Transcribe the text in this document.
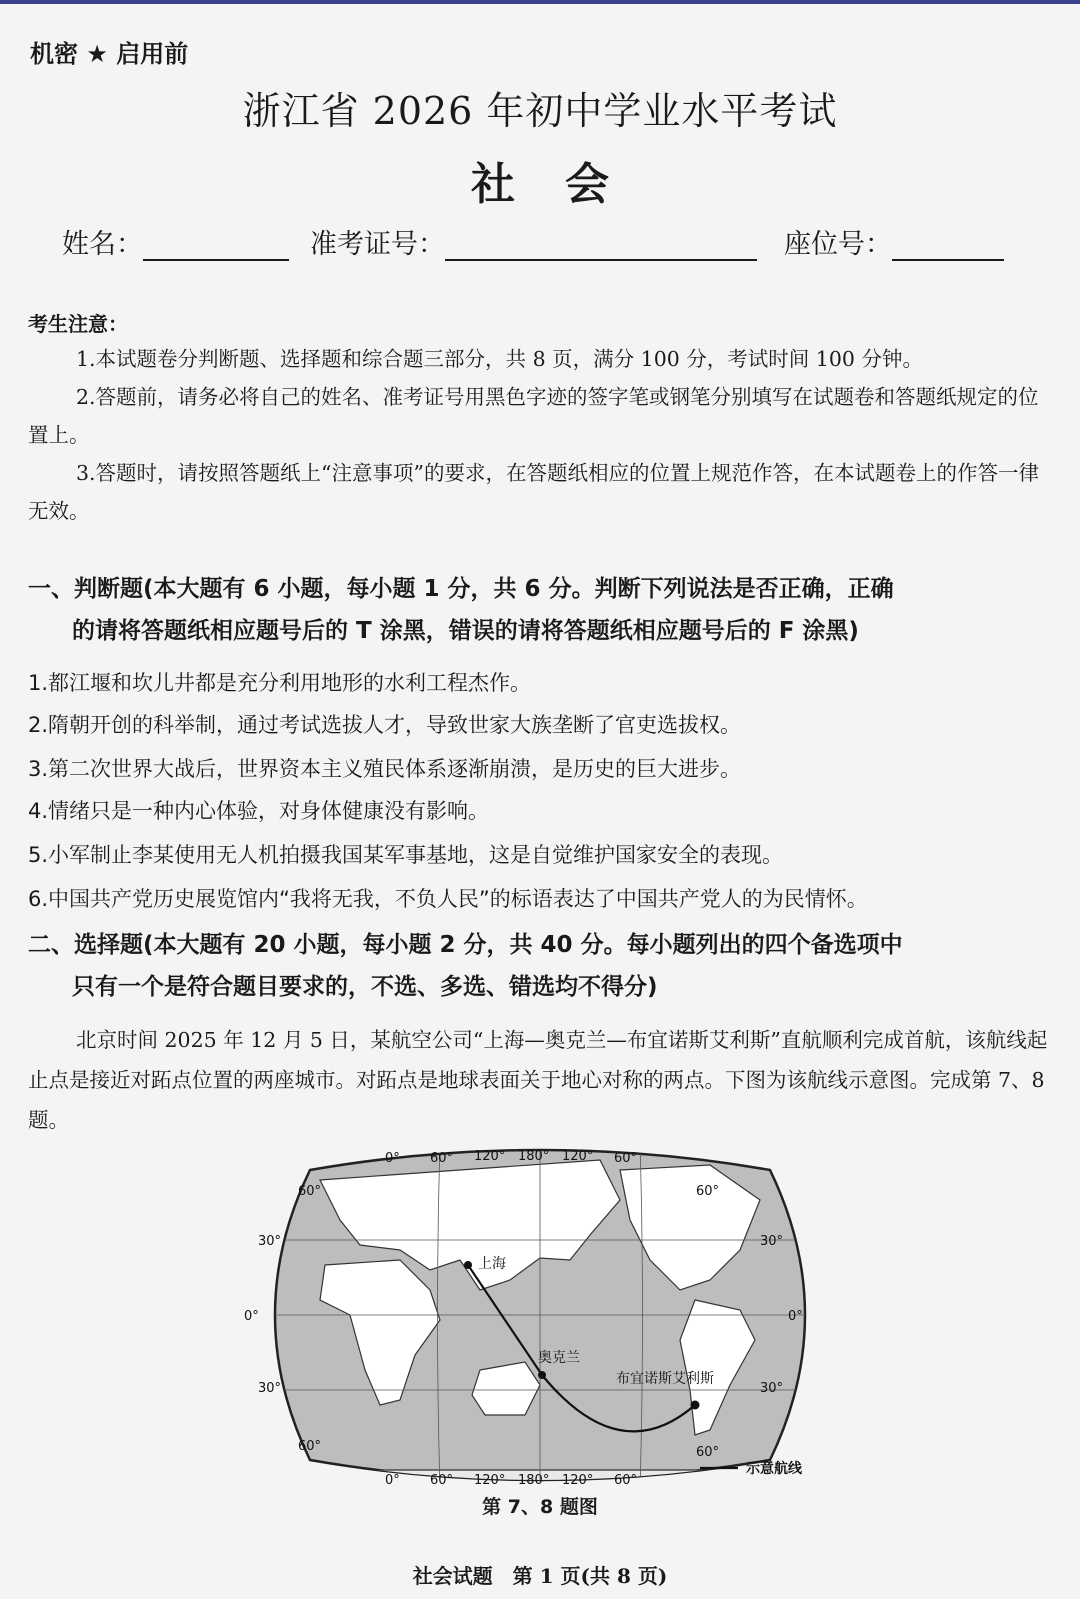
机密 ★ 启用前
浙江省 2026 年初中学业水平考试
社会
姓名：	准考证号：	座位号：
考生注意：
1.本试题卷分判断题、选择题和综合题三部分，共 8 页，满分 100 分，考试时间 100 分钟。
2.答题前，请务必将自己的姓名、准考证号用黑色字迹的签字笔或钢笔分别填写在试题卷和答题纸规定的位置上。
3.答题时，请按照答题纸上“注意事项”的要求，在答题纸相应的位置上规范作答，在本试题卷上的作答一律无效。
一、判断题(本大题有 6 小题，每小题 1 分，共 6 分。判断下列说法是否正确，正确
的请将答题纸相应题号后的 T 涂黑，错误的请将答题纸相应题号后的 F 涂黑)
1.都江堰和坎儿井都是充分利用地形的水利工程杰作。
2.隋朝开创的科举制，通过考试选拔人才，导致世家大族垄断了官吏选拔权。
3.第二次世界大战后，世界资本主义殖民体系逐渐崩溃，是历史的巨大进步。
4.情绪只是一种内心体验，对身体健康没有影响。
5.小军制止李某使用无人机拍摄我国某军事基地，这是自觉维护国家安全的表现。
6.中国共产党历史展览馆内“我将无我，不负人民”的标语表达了中国共产党人的为民情怀。
二、选择题(本大题有 20 小题，每小题 2 分，共 40 分。每小题列出的四个备选项中
只有一个是符合题目要求的，不选、多选、错选均不得分)
北京时间 2025 年 12 月 5 日，某航空公司“上海—奥克兰—布宜诺斯艾利斯”直航顺利完成首航，该航线起止点是接近对跖点位置的两座城市。对跖点是地球表面关于地心对称的两点。下图为该航线示意图。完成第 7、8 题。
上海
奥克兰
布宜诺斯艾利斯
0° 60° 120° 180° 120° 60°
0° 60° 120° 180° 120° 60°
60°
30°
0°
30°
60°
60°
30°
0°
30°
60°
示意航线
第 7、8 题图
社会试题　第 1 页(共 8 页)
